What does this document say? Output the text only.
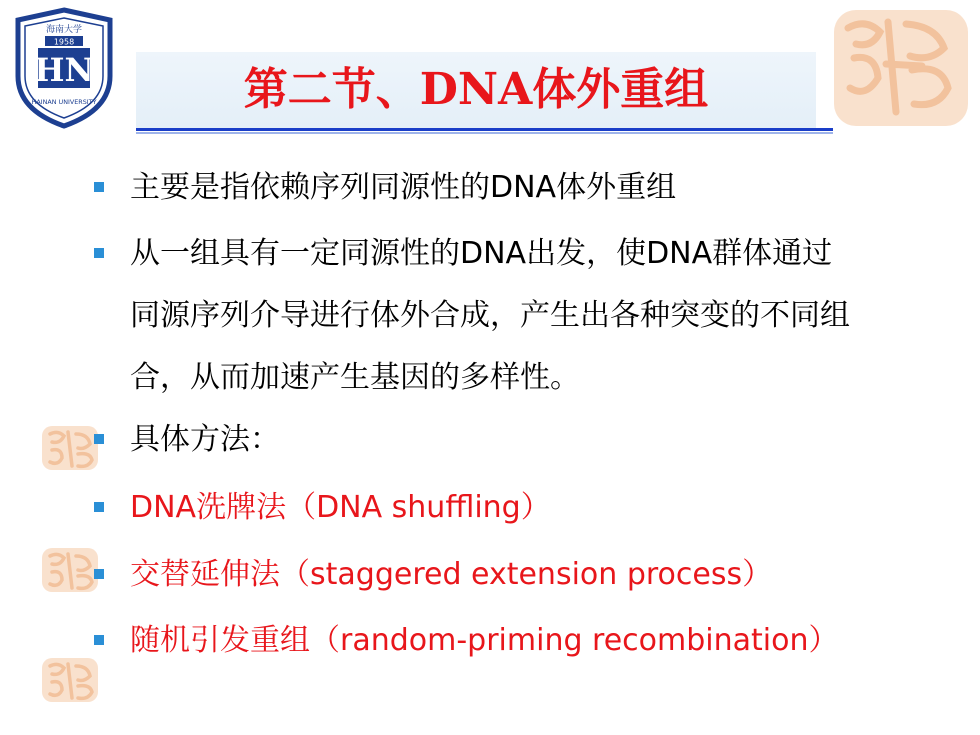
海南大学
1958
HN
HAINAN UNIVERSITY	第二节、DNA体外重组
主要是指依赖序列同源性的DNA体外重组
从一组具有一定同源性的DNA出发，使DNA群体通过
同源序列介导进行体外合成，产生出各种突变的不同组
合，从而加速产生基因的多样性。
具体方法：
DNA洗牌法（DNA shuffling）
交替延伸法（staggered extension process）
随机引发重组（random-priming recombination）
